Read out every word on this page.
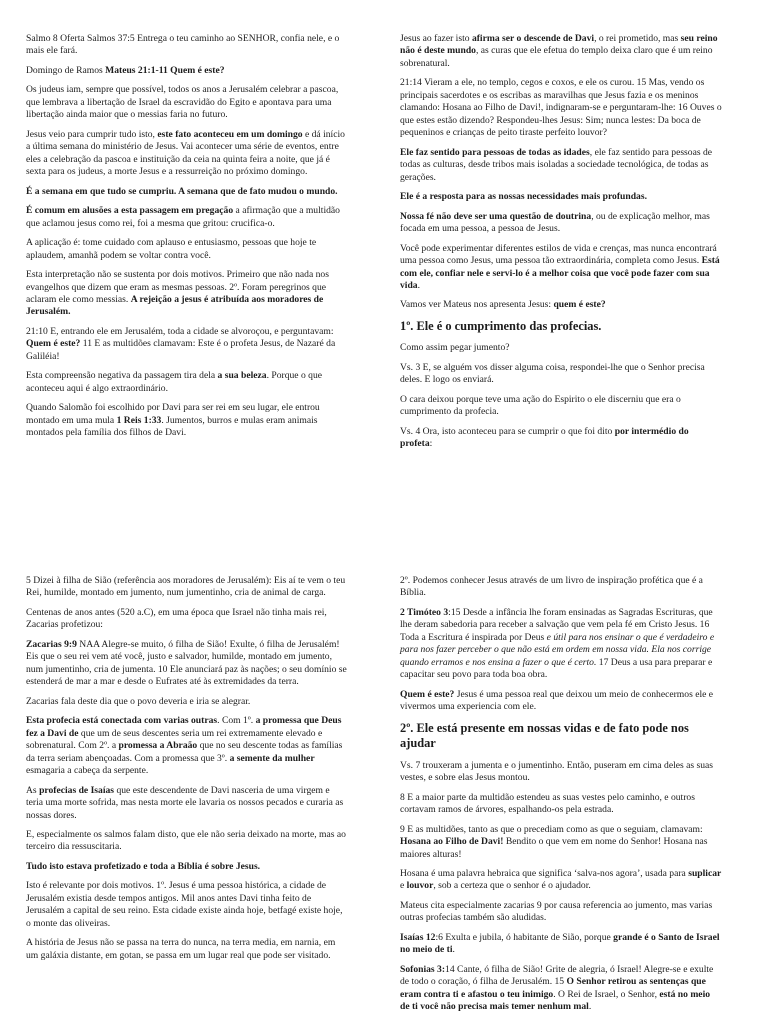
Salmo 8 Oferta Salmos 37:5 Entrega o teu caminho ao SENHOR, confia nele, e o mais ele fará.

Domingo de Ramos Mateus 21:1-11 Quem é este?

Os judeus iam, sempre que possível, todos os anos a Jerusalém celebrar a pascoa, que lembrava a libertação de Israel da escravidão do Egito e apontava para uma libertação ainda maior que o messias faria no futuro.

Jesus veio para cumprir tudo isto, este fato aconteceu em um domingo e dá início a última semana do ministério de Jesus. Vai acontecer uma série de eventos, entre eles a celebração da pascoa e instituição da ceia na quinta feira a noite, que já é sexta para os judeus, a morte Jesus e a ressurreição no próximo domingo.

É a semana em que tudo se cumpriu. A semana que de fato mudou o mundo.

É comum em alusões a esta passagem em pregação a afirmação que a multidão que aclamou jesus como rei, foi a mesma que gritou: crucifica-o.

A aplicação é: tome cuidado com aplauso e entusiasmo, pessoas que hoje te aplaudem, amanhã podem se voltar contra você.

Esta interpretação não se sustenta por dois motivos. Primeiro que não nada nos evangelhos que dizem que eram as mesmas pessoas. 2º. Foram peregrinos que aclaram ele como messias. A rejeição a jesus é atribuída aos moradores de Jerusalém.

21:10 E, entrando ele em Jerusalém, toda a cidade se alvoroçou, e perguntavam: Quem é este? 11 E as multidões clamavam: Este é o profeta Jesus, de Nazaré da Galiléia!

Esta compreensão negativa da passagem tira dela a sua beleza. Porque o que aconteceu aqui é algo extraordinário.

Quando Salomão foi escolhido por Davi para ser rei em seu lugar, ele entrou montado em uma mula 1 Reis 1:33. Jumentos, burros e mulas eram animais montados pela família dos filhos de Davi.

Jesus ao fazer isto afirma ser o descende de Davi, o rei prometido, mas seu reino não é deste mundo, as curas que ele efetua do templo deixa claro que é um reino sobrenatural.

21:14 Vieram a ele, no templo, cegos e coxos, e ele os curou. 15 Mas, vendo os principais sacerdotes e os escribas as maravilhas que Jesus fazia e os meninos clamando: Hosana ao Filho de Davi!, indignaram-se e perguntaram-lhe: 16 Ouves o que estes estão dizendo? Respondeu-lhes Jesus: Sim; nunca lestes: Da boca de pequeninos e crianças de peito tiraste perfeito louvor?

Ele faz sentido para pessoas de todas as idades, ele faz sentido para pessoas de todas as culturas, desde tribos mais isoladas a sociedade tecnológica, de todas as gerações.

Ele é a resposta para as nossas necessidades mais profundas.

Nossa fé não deve ser uma questão de doutrina, ou de explicação melhor, mas focada em uma pessoa, a pessoa de Jesus.

Você pode experimentar diferentes estilos de vida e crenças, mas nunca encontrará uma pessoa como Jesus, uma pessoa tão extraordinária, completa como Jesus. Está com ele, confiar nele e servi-lo é a melhor coisa que você pode fazer com sua vida.

Vamos ver Mateus nos apresenta Jesus: quem é este?

1º. Ele é o cumprimento das profecias.

Como assim pegar jumento?

Vs. 3 E, se alguém vos disser alguma coisa, respondei-lhe que o Senhor precisa deles. E logo os enviará.

O cara deixou porque teve uma ação do Espirito o ele discerniu que era o cumprimento da profecia.

Vs. 4 Ora, isto aconteceu para se cumprir o que foi dito por intermédio do profeta:

5 Dizei à filha de Sião (referência aos moradores de Jerusalém): Eis aí te vem o teu Rei, humilde, montado em jumento, num jumentinho, cria de animal de carga.

Centenas de anos antes (520 a.C), em uma época que Israel não tinha mais rei, Zacarias profetizou:

Zacarias 9:9 NAA Alegre-se muito, ó filha de Sião! Exulte, ó filha de Jerusalém! Eis que o seu rei vem até você, justo e salvador, humilde, montado em jumento, num jumentinho, cria de jumenta. 10 Ele anunciará paz às nações; o seu domínio se estenderá de mar a mar e desde o Eufrates até às extremidades da terra.

Zacarias fala deste dia que o povo deveria e iria se alegrar.

Esta profecia está conectada com varias outras. Com 1º. a promessa que Deus fez a Davi de que um de seus descentes seria um rei extremamente elevado e sobrenatural. Com 2º. a promessa a Abraão que no seu descente todas as famílias da terra seriam abençoadas. Com a promessa que 3º. a semente da mulher esmagaria a cabeça da serpente.

As profecias de Isaías que este descendente de Davi nasceria de uma virgem e teria uma morte sofrida, mas nesta morte ele lavaria os nossos pecados e curaria as nossas dores.

E, especialmente os salmos falam disto, que ele não seria deixado na morte, mas ao terceiro dia ressuscitaria.

Tudo isto estava profetizado e toda a Bíblia é sobre Jesus.

Isto é relevante por dois motivos. 1º. Jesus é uma pessoa histórica, a cidade de Jerusalém existia desde tempos antigos. Mil anos antes Davi tinha feito de Jerusalém a capital de seu reino. Esta cidade existe ainda hoje, betfagé existe hoje, o monte das oliveiras.

A história de Jesus não se passa na terra do nunca, na terra media, em narnia, em um galáxia distante, em gotan, se passa em um lugar real que pode ser visitado.

2º. Podemos conhecer Jesus através de um livro de inspiração profética que é a Bíblia.

2 Timóteo 3:15 Desde a infância lhe foram ensinadas as Sagradas Escrituras, que lhe deram sabedoria para receber a salvação que vem pela fé em Cristo Jesus. 16 Toda a Escritura é inspirada por Deus e útil para nos ensinar o que é verdadeiro e para nos fazer perceber o que não está em ordem em nossa vida. Ela nos corrige quando erramos e nos ensina a fazer o que é certo. 17 Deus a usa para preparar e capacitar seu povo para toda boa obra.

Quem é este? Jesus é uma pessoa real que deixou um meio de conhecermos ele e vivermos uma experiencia com ele.

2º. Ele está presente em nossas vidas e de fato pode nos ajudar

Vs. 7 trouxeram a jumenta e o jumentinho. Então, puseram em cima deles as suas vestes, e sobre elas Jesus montou.

8 E a maior parte da multidão estendeu as suas vestes pelo caminho, e outros cortavam ramos de árvores, espalhando-os pela estrada.

9 E as multidões, tanto as que o precediam como as que o seguiam, clamavam: Hosana ao Filho de Davi! Bendito o que vem em nome do Senhor! Hosana nas maiores alturas!

Hosana é uma palavra hebraica que significa ‘salva-nos agora’, usada para suplicar e louvor, sob a certeza que o senhor é o ajudador.

Mateus cita especialmente zacarias 9 por causa referencia ao jumento, mas varias outras profecias também são aludidas.

Isaías 12:6 Exulta e jubila, ó habitante de Sião, porque grande é o Santo de Israel no meio de ti.

Sofonias 3:14 Cante, ó filha de Sião! Grite de alegria, ó Israel! Alegre-se e exulte de todo o coração, ó filha de Jerusalém. 15 O Senhor retirou as sentenças que eram contra ti e afastou o teu inimigo. O Rei de Israel, o Senhor, está no meio de ti você não precisa mais temer nenhum mal.
